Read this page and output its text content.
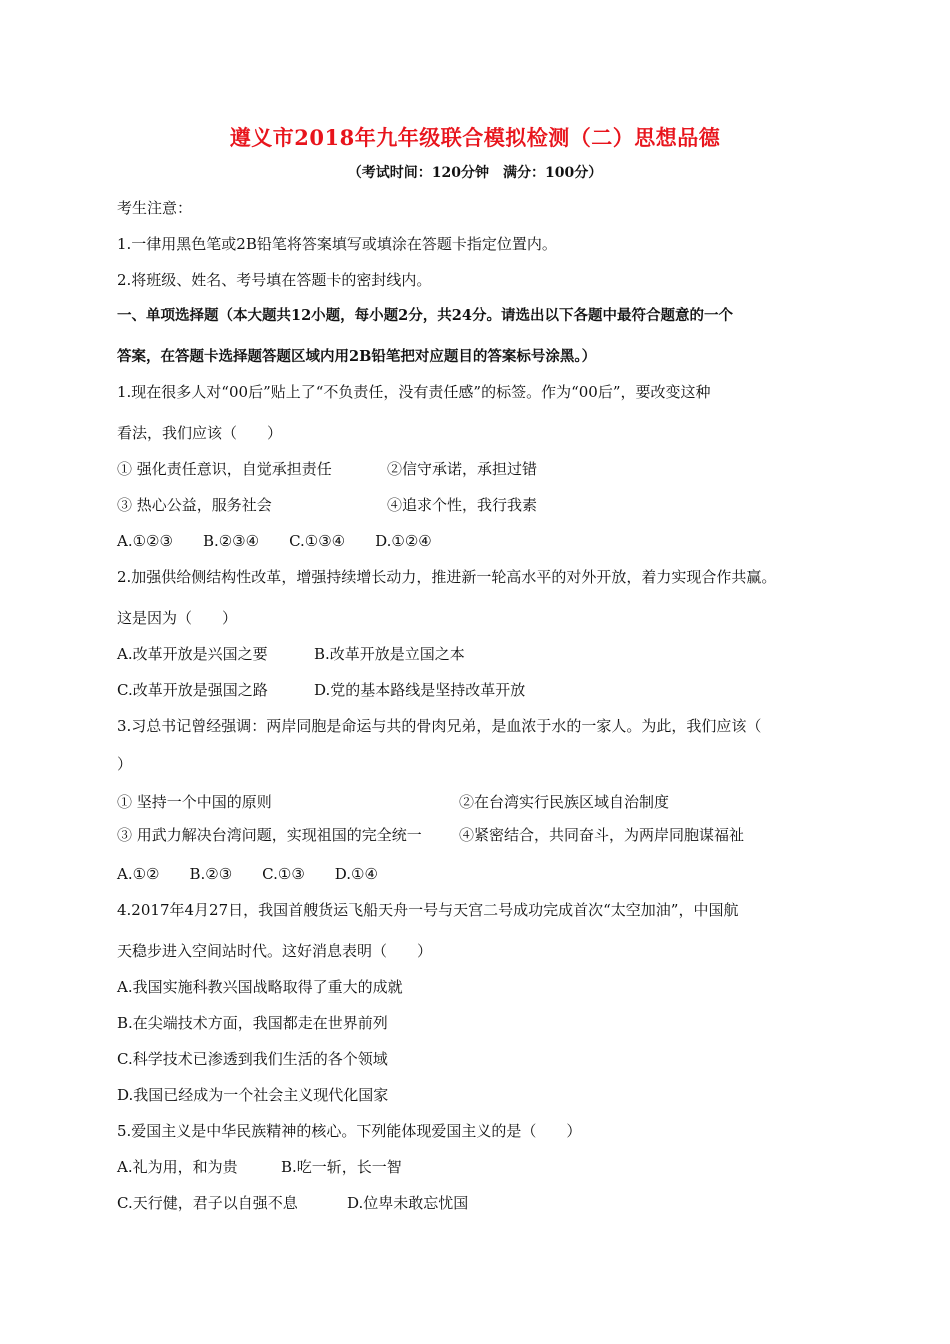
遵义市2018年九年级联合模拟检测（二）思想品德
（考试时间：120分钟　满分：100分）
考生注意：
1.一律用黑色笔或2B铅笔将答案填写或填涂在答题卡指定位置内。
2.将班级、姓名、考号填在答题卡的密封线内。
一、单项选择题（本大题共12小题，每小题2分，共24分。请选出以下各题中最符合题意的一个
答案，在答题卡选择题答题区域内用2B铅笔把对应题目的答案标号涂黑。）
1.现在很多人对“00后”贴上了“不负责任，没有责任感”的标签。作为“00后”，要改变这种
看法，我们应该（　　）
① 强化责任意识，自觉承担责任	②信守承诺，承担过错
③ 热心公益，服务社会	④追求个性，我行我素
A.①②③　　B.②③④　　C.①③④　　D.①②④
2.加强供给侧结构性改革，增强持续增长动力，推进新一轮高水平的对外开放，着力实现合作共赢。
这是因为（　　）
A.改革开放是兴国之要	B.改革开放是立国之本
C.改革开放是强国之路	D.党的基本路线是坚持改革开放
3.习总书记曾经强调：两岸同胞是命运与共的骨肉兄弟，是血浓于水的一家人。为此，我们应该（
）
① 坚持一个中国的原则	②在台湾实行民族区域自治制度
③ 用武力解决台湾问题，实现祖国的完全统一 ④紧密结合，共同奋斗，为两岸同胞谋福祉
A.①②　　B.②③　　C.①③　　D.①④
4.2017年4月27日，我国首艘货运飞船天舟一号与天宫二号成功完成首次“太空加油”，中国航
天稳步进入空间站时代。这好消息表明（　　）
A.我国实施科教兴国战略取得了重大的成就
B.在尖端技术方面，我国都走在世界前列
C.科学技术已渗透到我们生活的各个领域
D.我国已经成为一个社会主义现代化国家
5.爱国主义是中华民族精神的核心。下列能体现爱国主义的是（　　）
A.礼为用，和为贵	B.吃一斩，长一智
C.天行健，君子以自强不息	D.位卑未敢忘忧国
